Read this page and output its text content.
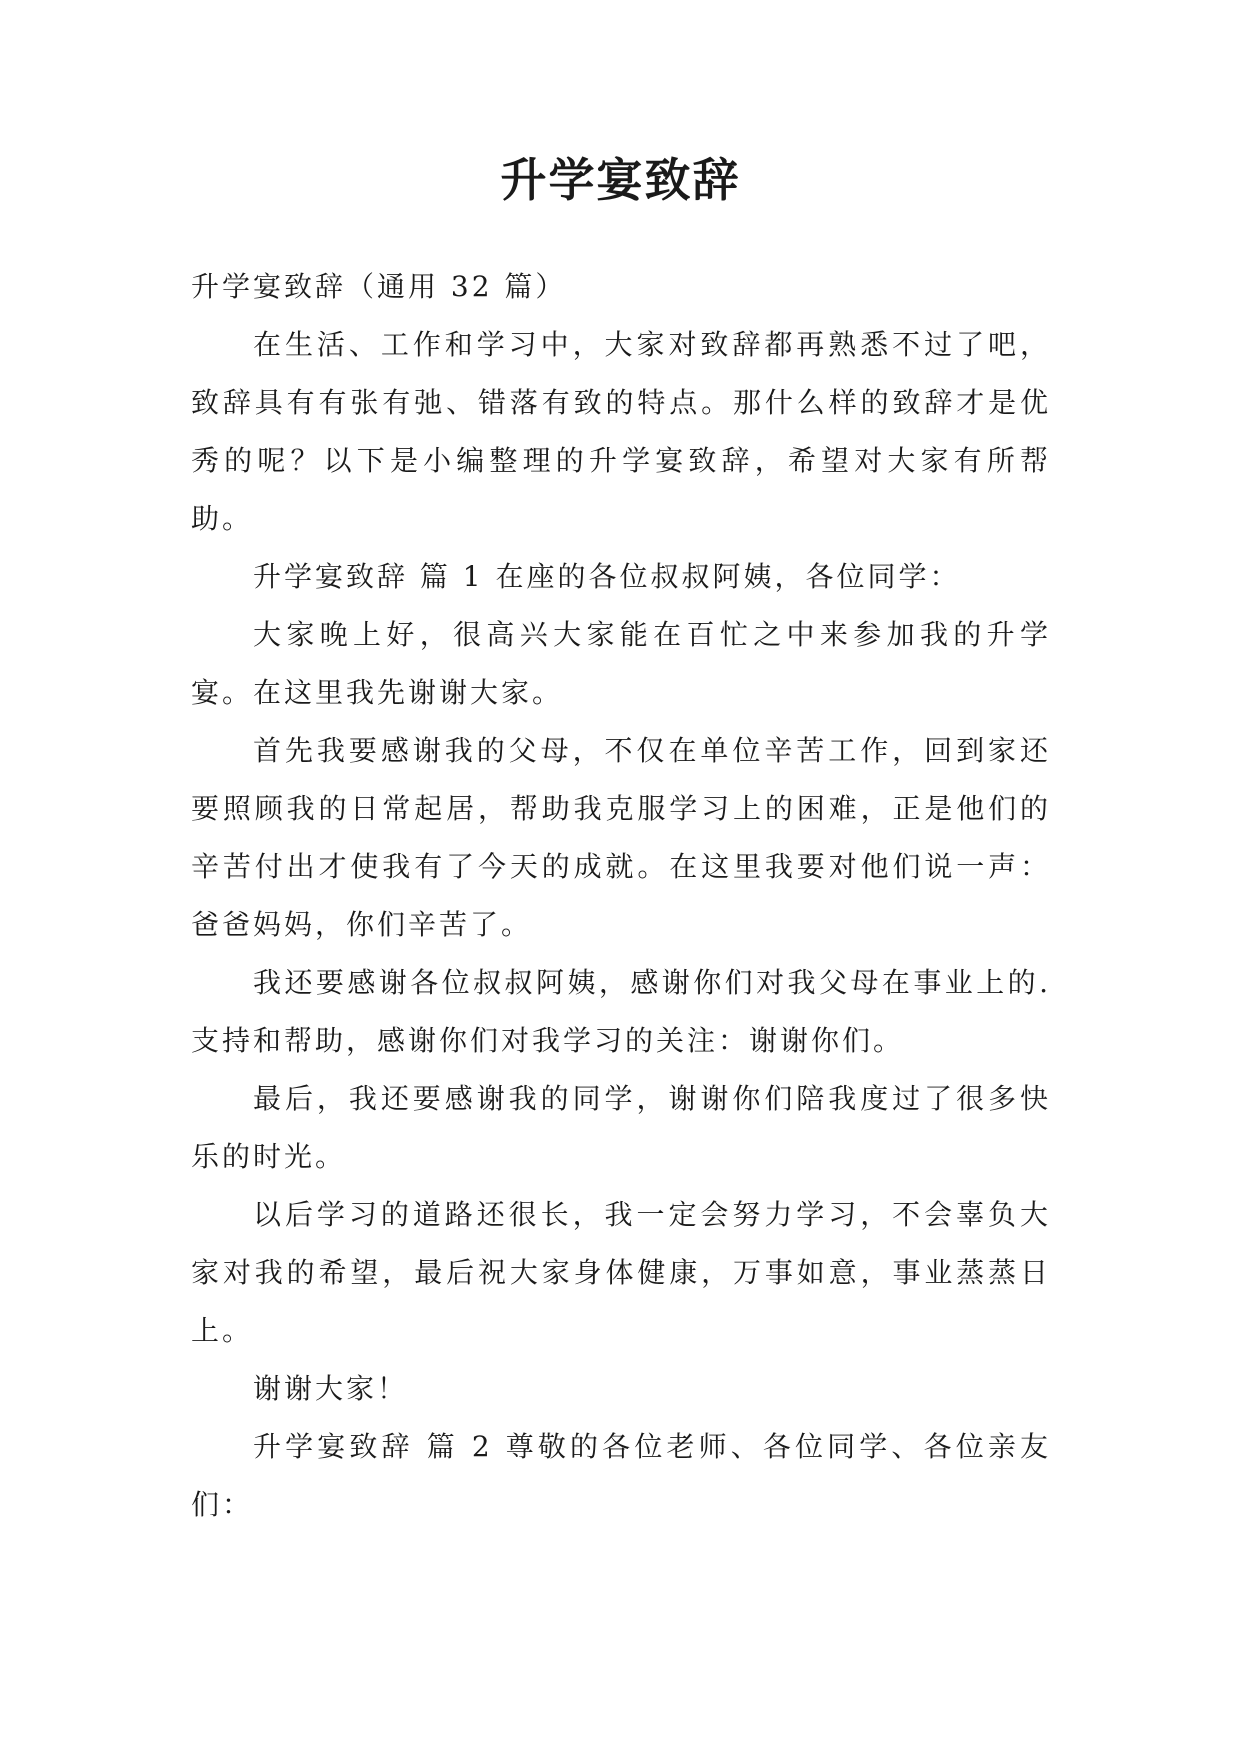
升学宴致辞

升学宴致辞（通用 32 篇）

在生活、工作和学习中，大家对致辞都再熟悉不过了吧，致辞具有有张有弛、错落有致的特点。那什么样的致辞才是优秀的呢？以下是小编整理的升学宴致辞，希望对大家有所帮助。

升学宴致辞 篇 1 在座的各位叔叔阿姨，各位同学：

大家晚上好，很高兴大家能在百忙之中来参加我的升学宴。在这里我先谢谢大家。

首先我要感谢我的父母，不仅在单位辛苦工作，回到家还要照顾我的日常起居，帮助我克服学习上的困难，正是他们的辛苦付出才使我有了今天的成就。在这里我要对他们说一声：爸爸妈妈，你们辛苦了。

我还要感谢各位叔叔阿姨，感谢你们对我父母在事业上的.支持和帮助，感谢你们对我学习的关注：谢谢你们。

最后，我还要感谢我的同学，谢谢你们陪我度过了很多快乐的时光。

以后学习的道路还很长，我一定会努力学习，不会辜负大家对我的希望，最后祝大家身体健康，万事如意，事业蒸蒸日上。

谢谢大家！

升学宴致辞 篇 2 尊敬的各位老师、各位同学、各位亲友们：
